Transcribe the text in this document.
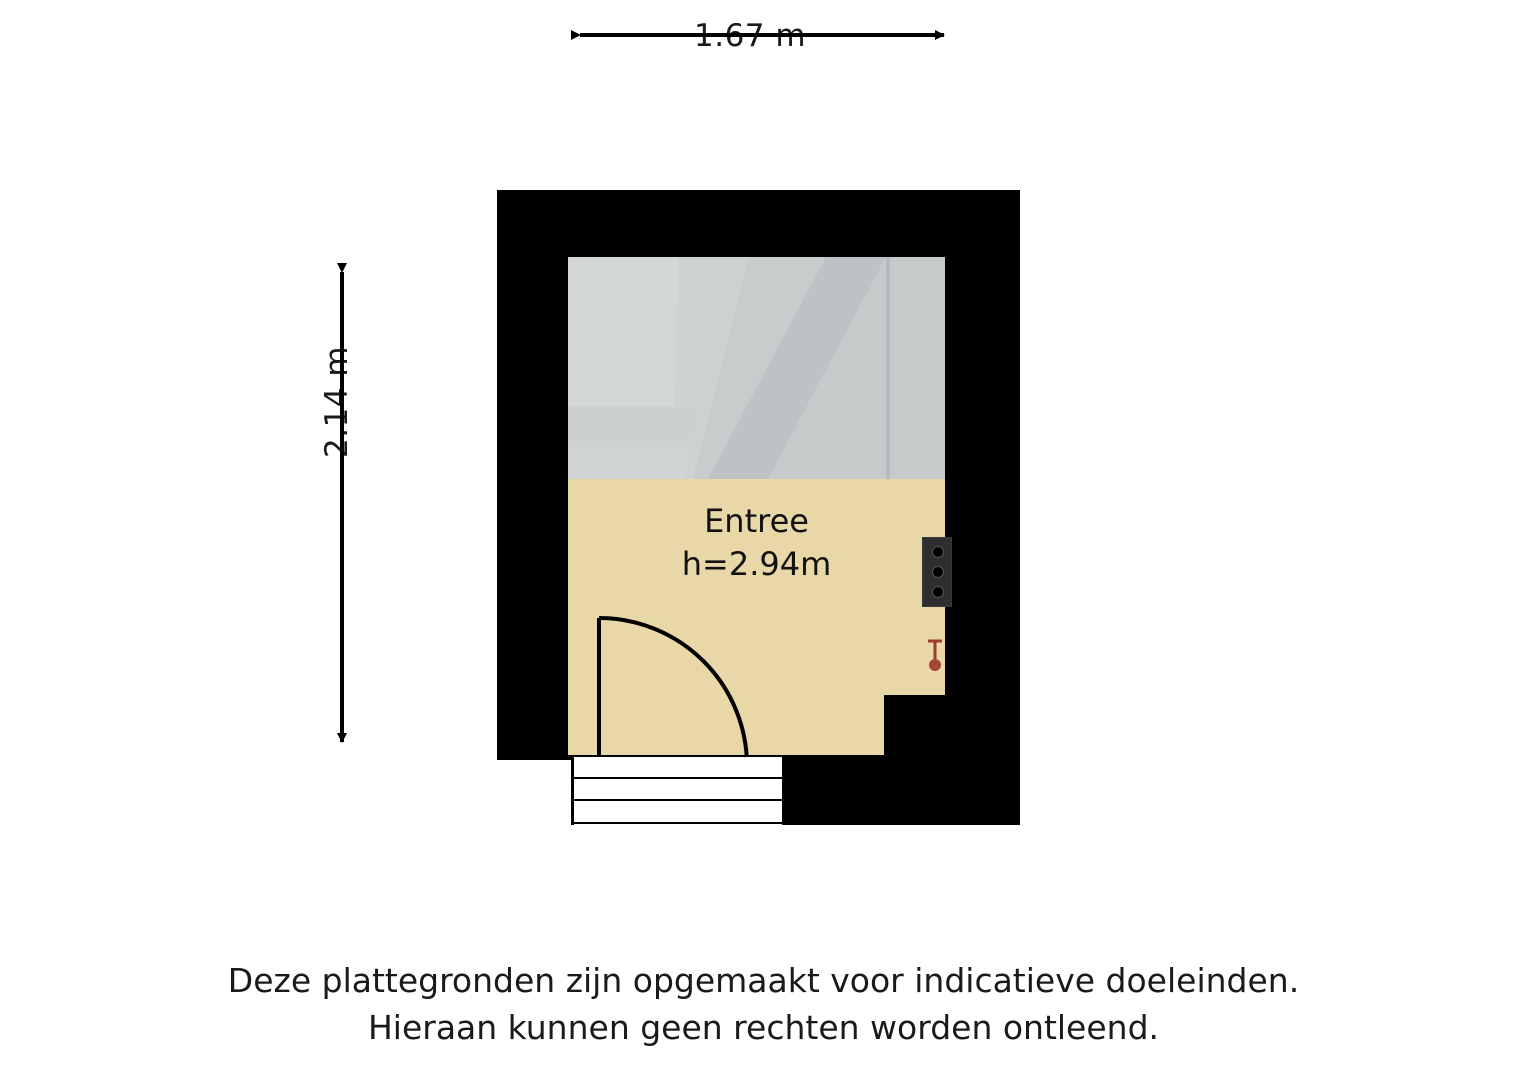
1.67 m
2.14 m
Entree
h=2.94m
Deze plattegronden zijn opgemaakt voor indicatieve doeleinden.
Hieraan kunnen geen rechten worden ontleend.
